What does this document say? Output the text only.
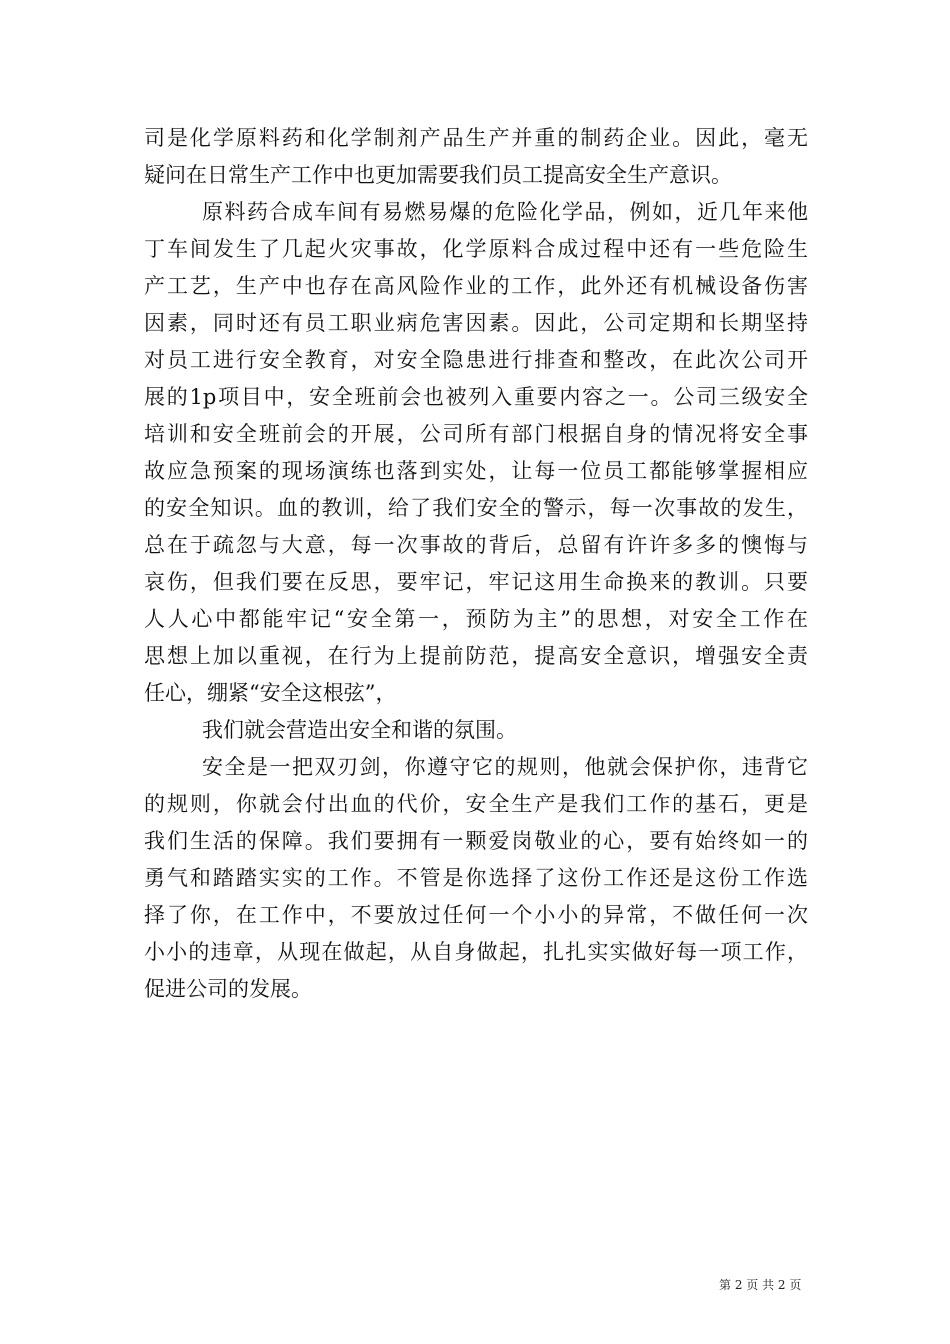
司是化学原料药和化学制剂产品生产并重的制药企业。因此，毫无
疑问在日常生产工作中也更加需要我们员工提高安全生产意识。
原料药合成车间有易燃易爆的危险化学品，例如，近几年来他
丁车间发生了几起火灾事故，化学原料合成过程中还有一些危险生
产工艺，生产中也存在高风险作业的工作，此外还有机械设备伤害
因素，同时还有员工职业病危害因素。因此，公司定期和长期坚持
对员工进行安全教育，对安全隐患进行排查和整改，在此次公司开
展的1p项目中，安全班前会也被列入重要内容之一。公司三级安全
培训和安全班前会的开展，公司所有部门根据自身的情况将安全事
故应急预案的现场演练也落到实处，让每一位员工都能够掌握相应
的安全知识。血的教训，给了我们安全的警示，每一次事故的发生，
总在于疏忽与大意，每一次事故的背后，总留有许许多多的懊悔与
哀伤，但我们要在反思，要牢记，牢记这用生命换来的教训。只要
人人心中都能牢记“安全第一，预防为主”的思想，对安全工作在
思想上加以重视，在行为上提前防范，提高安全意识，增强安全责
任心，绷紧“安全这根弦”，
我们就会营造出安全和谐的氛围。
安全是一把双刃剑，你遵守它的规则，他就会保护你，违背它
的规则，你就会付出血的代价，安全生产是我们工作的基石，更是
我们生活的保障。我们要拥有一颗爱岗敬业的心，要有始终如一的
勇气和踏踏实实的工作。不管是你选择了这份工作还是这份工作选
择了你，在工作中，不要放过任何一个小小的异常，不做任何一次
小小的违章，从现在做起，从自身做起，扎扎实实做好每一项工作，
促进公司的发展。
第 2 页 共 2 页
